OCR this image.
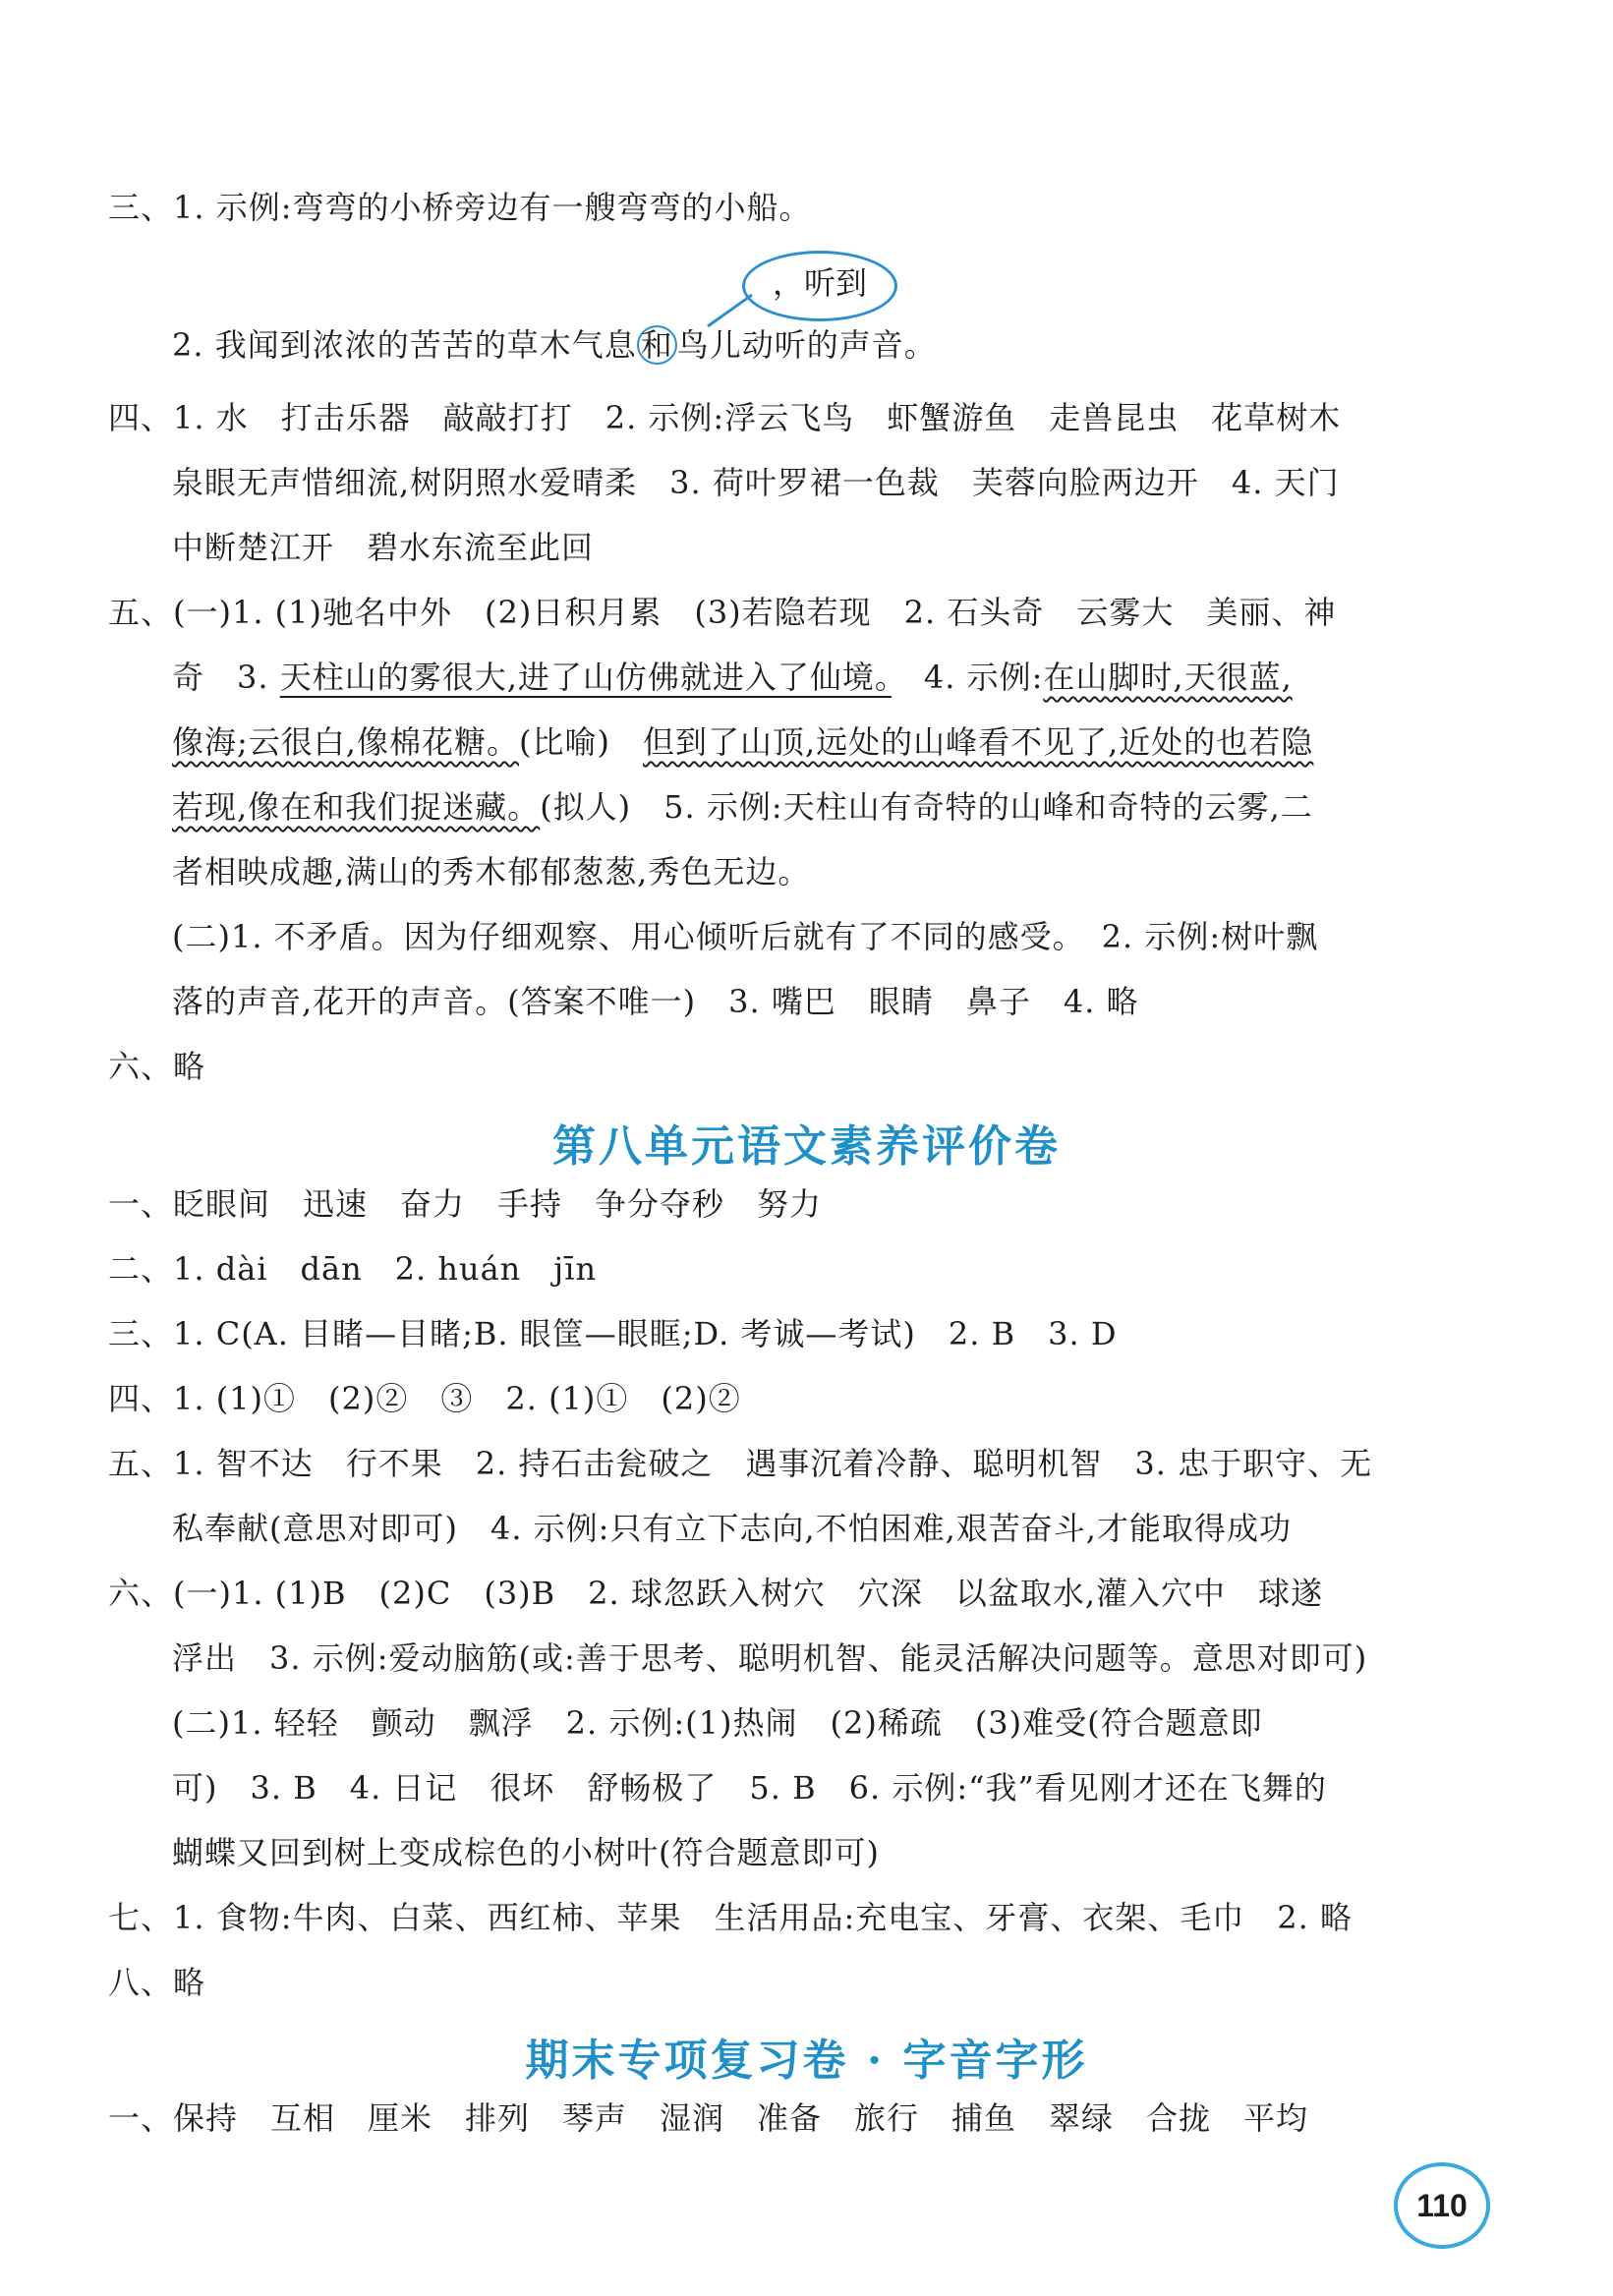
，听到
三、1. 示例:弯弯的小桥旁边有一艘弯弯的小船。
2. 我闻到浓浓的苦苦的草木气息 和 鸟儿动听的声音。
四、1. 水　打击乐器　敲敲打打　2. 示例:浮云飞鸟　虾蟹游鱼　走兽昆虫　花草树木
泉眼无声惜细流,树阴照水爱晴柔　3. 荷叶罗裙一色裁　芙蓉向脸两边开　4. 天门
中断楚江开　碧水东流至此回
五、(一)1. (1)驰名中外　(2)日积月累　(3)若隐若现　2. 石头奇　云雾大　美丽、神
奇　3. 天柱山的雾很大,进了山仿佛就进入了仙境。　4. 示例:在山脚时,天很蓝,
像海;云很白,像棉花糖。(比喻)　但到了山顶,远处的山峰看不见了,近处的也若隐
若现,像在和我们捉迷藏。(拟人)　5. 示例:天柱山有奇特的山峰和奇特的云雾,二
者相映成趣,满山的秀木郁郁葱葱,秀色无边。
(二)1. 不矛盾。因为仔细观察、用心倾听后就有了不同的感受。　2. 示例:树叶飘
落的声音,花开的声音。(答案不唯一)　3. 嘴巴　眼睛　鼻子　4. 略
六、略
第八单元语文素养评价卷
一、眨眼间　迅速　奋力　手持　争分夺秒　努力
二、1. dài　dān　2. huán　jīn
三、1. C(A. 目睹—目睹;B. 眼筐—眼眶;D. 考诚—考试)　2. B　3. D
四、1. (1)①　(2)②　③　2. (1)①　(2)②
五、1. 智不达　行不果　2. 持石击瓮破之　遇事沉着冷静、聪明机智　3. 忠于职守、无
私奉献(意思对即可)　4. 示例:只有立下志向,不怕困难,艰苦奋斗,才能取得成功
六、(一)1. (1)B　(2)C　(3)B　2. 球忽跃入树穴　穴深　以盆取水,灌入穴中　球遂
浮出　3. 示例:爱动脑筋(或:善于思考、聪明机智、能灵活解决问题等。意思对即可)
(二)1. 轻轻　颤动　飘浮　2. 示例:(1)热闹　(2)稀疏　(3)难受(符合题意即
可)　3. B　4. 日记　很坏　舒畅极了　5. B　6. 示例:“我”看见刚才还在飞舞的
蝴蝶又回到树上变成棕色的小树叶(符合题意即可)
七、1. 食物:牛肉、白菜、西红柿、苹果　生活用品:充电宝、牙膏、衣架、毛巾　2. 略
八、略
期末专项复习卷 · 字音字形
一、保持　互相　厘米　排列　琴声　湿润　准备　旅行　捕鱼　翠绿　合拢　平均
110
